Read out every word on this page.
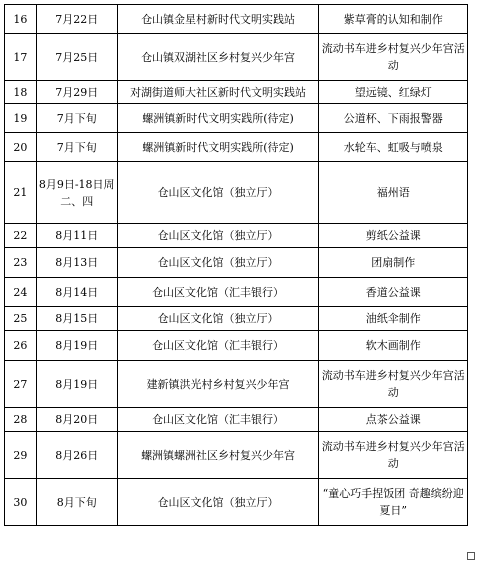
16	7月22日	仓山镇金星村新时代文明实践站	紫草膏的认知和制作
17	7月25日	仓山镇双湖社区乡村复兴少年宫	流动书车进乡村复兴少年宫活动
18	7月29日	对湖街道师大社区新时代文明实践站	望远镜、红绿灯
19	7月下旬	螺洲镇新时代文明实践所(待定)	公道杯、下雨报警器
20	7月下旬	螺洲镇新时代文明实践所(待定)	水轮车、虹吸与喷泉
21	8月9日-18日周二、四	仓山区文化馆（独立厅）	福州语
22	8月11日	仓山区文化馆（独立厅）	剪纸公益课
23	8月13日	仓山区文化馆（独立厅）	团扇制作
24	8月14日	仓山区文化馆（汇丰银行）	香道公益课
25	8月15日	仓山区文化馆（独立厅）	油纸伞制作
26	8月19日	仓山区文化馆（汇丰银行）	软木画制作
27	8月19日	建新镇洪光村乡村复兴少年宫	流动书车进乡村复兴少年宫活动
28	8月20日	仓山区文化馆（汇丰银行）	点茶公益课
29	8月26日	螺洲镇螺洲社区乡村复兴少年宫	流动书车进乡村复兴少年宫活动
30	8月下旬	仓山区文化馆（独立厅）	“童心巧手捏饭团 奇趣缤纷迎夏日”
